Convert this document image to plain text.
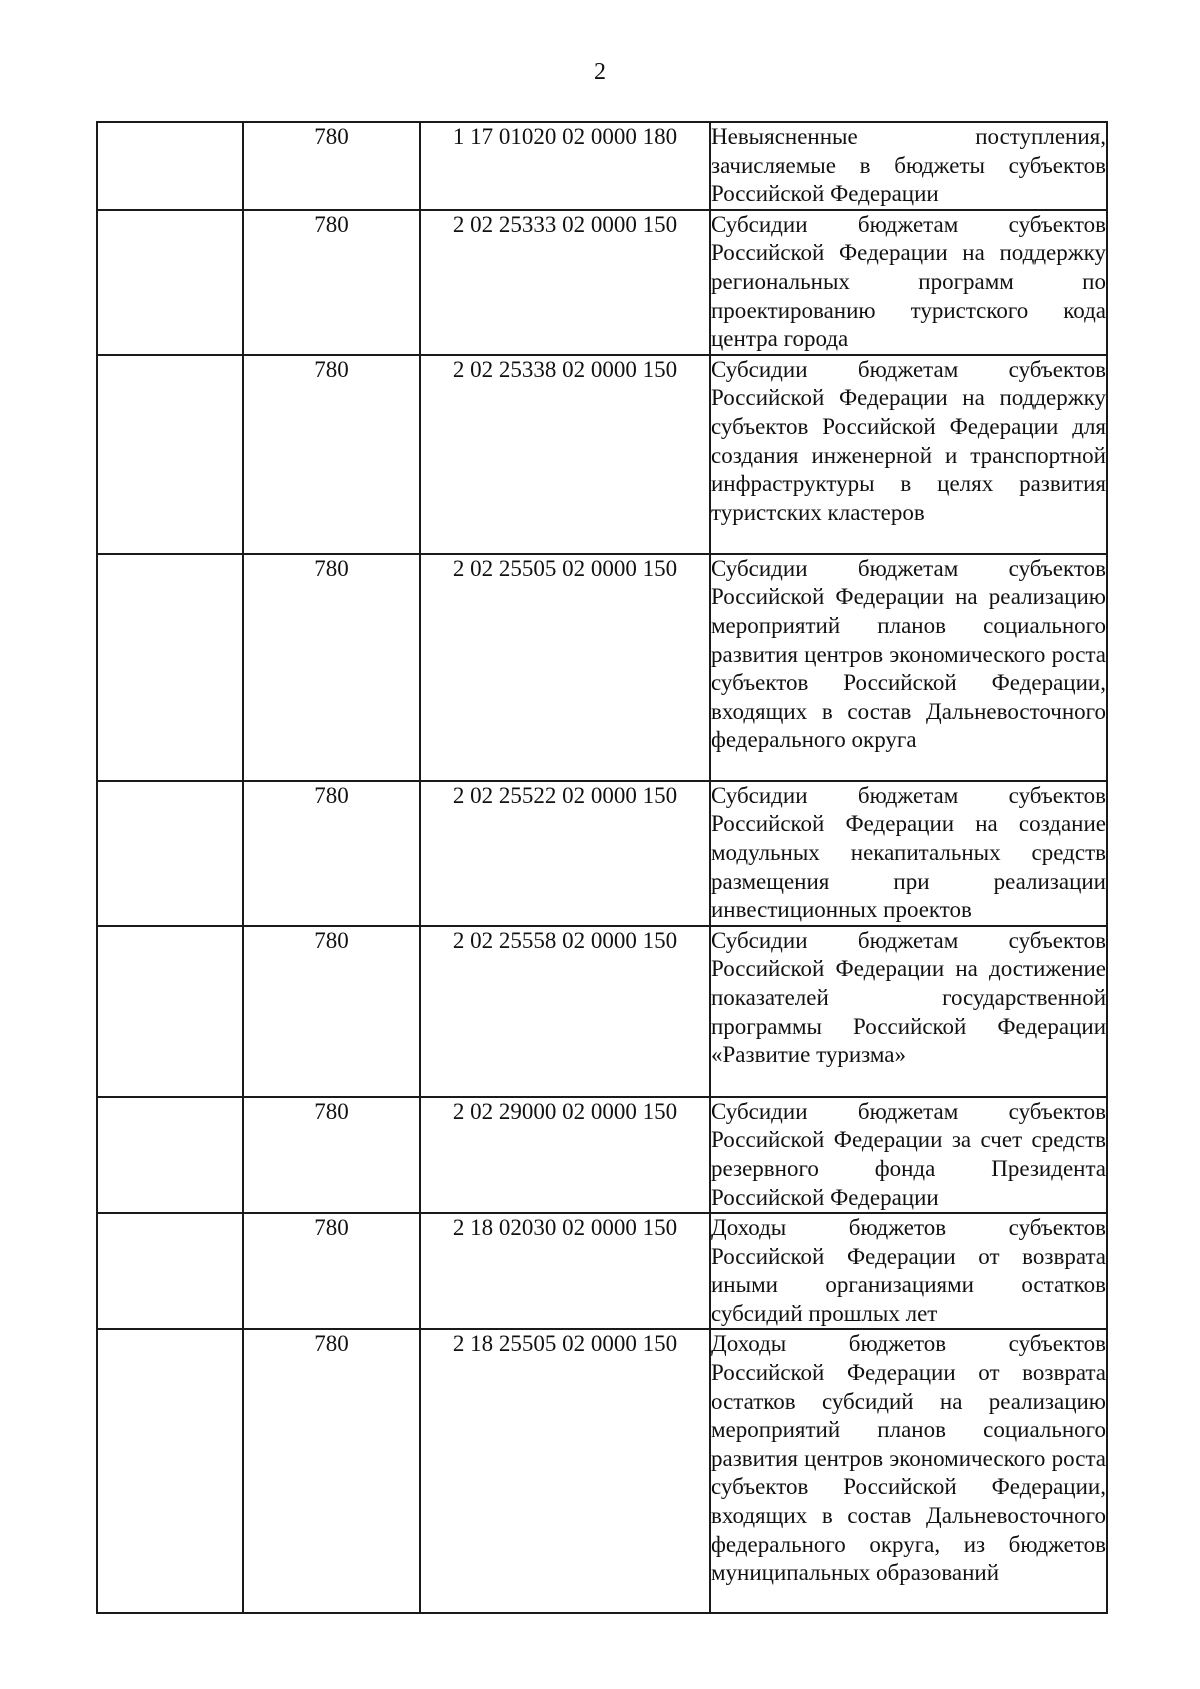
2
	780	1 17 01020 02 0000 180	Невыясненные поступления, зачисляемые в бюджеты субъектов Российской Федерации
	780	2 02 25333 02 0000 150	Субсидии бюджетам субъектов Российской Федерации на поддержку региональных программ по проектированию туристского кода центра города
	780	2 02 25338 02 0000 150	Субсидии бюджетам субъектов Российской Федерации на поддержку субъектов Российской Федерации для создания инженерной и транспортной инфраструктуры в целях развития туристских кластеров
	780	2 02 25505 02 0000 150	Субсидии бюджетам субъектов Российской Федерации на реализацию мероприятий планов социального развития центров экономического роста субъектов Российской Федерации, входящих в состав Дальневосточного федерального округа
	780	2 02 25522 02 0000 150	Субсидии бюджетам субъектов Российской Федерации на создание модульных некапитальных средств размещения при реализации инвестиционных проектов
	780	2 02 25558 02 0000 150	Субсидии бюджетам субъектов Российской Федерации на достижение показателей государственной программы Российской Федерации «Развитие туризма»
	780	2 02 29000 02 0000 150	Субсидии бюджетам субъектов Российской Федерации за счет средств резервного фонда Президента Российской Федерации
	780	2 18 02030 02 0000 150	Доходы бюджетов субъектов Российской Федерации от возврата иными организациями остатков субсидий прошлых лет
	780	2 18 25505 02 0000 150	Доходы бюджетов субъектов Российской Федерации от возврата остатков субсидий на реализацию мероприятий планов социального развития центров экономического роста субъектов Российской Федерации, входящих в состав Дальневосточного федерального округа, из бюджетов муниципальных образований
